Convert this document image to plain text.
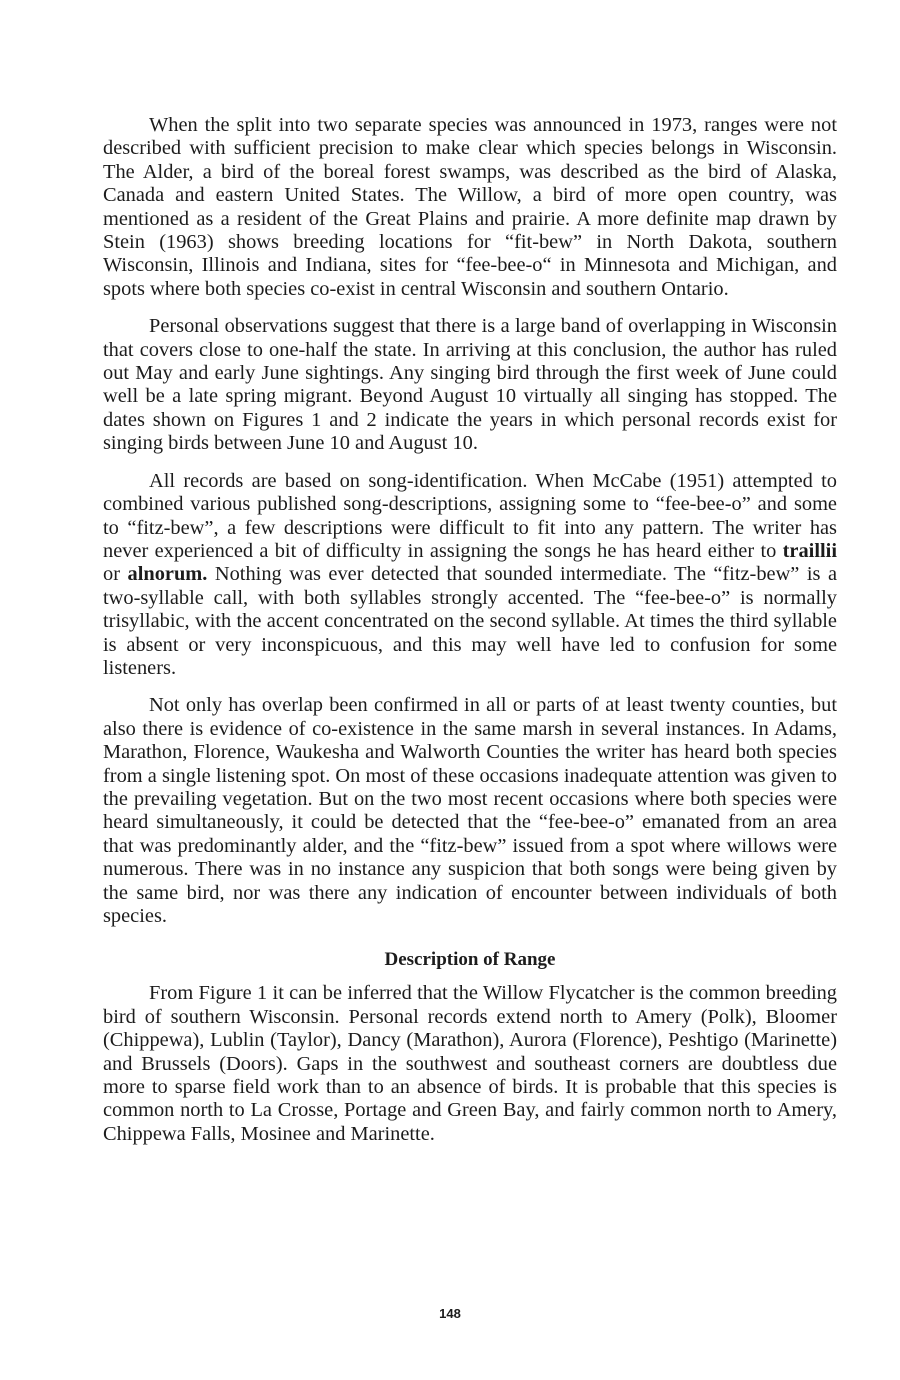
When the split into two separate species was announced in 1973, ranges were not described with sufficient precision to make clear which species belongs in Wisconsin. The Alder, a bird of the boreal forest swamps, was described as the bird of Alaska, Canada and eastern United States. The Willow, a bird of more open country, was mentioned as a resident of the Great Plains and prairie. A more definite map drawn by Stein (1963) shows breeding locations for “fit-bew” in North Dakota, southern Wisconsin, Illinois and Indiana, sites for “fee-bee-o“ in Minnesota and Michigan, and spots where both species co-exist in central Wisconsin and southern Ontario.

Personal observations suggest that there is a large band of overlapping in Wisconsin that covers close to one-half the state. In arriving at this conclusion, the author has ruled out May and early June sightings. Any singing bird through the first week of June could well be a late spring migrant. Beyond August 10 virtually all singing has stopped. The dates shown on Figures 1 and 2 indicate the years in which personal records exist for singing birds between June 10 and August 10.

All records are based on song-identification. When McCabe (1951) attempted to combined various published song-descriptions, assigning some to “fee-bee-o” and some to “fitz-bew”, a few descriptions were difficult to fit into any pattern. The writer has never experienced a bit of difficulty in assigning the songs he has heard either to traillii or alnorum. Nothing was ever detected that sounded intermediate. The “fitz-bew” is a two-syllable call, with both syllables strongly accented. The “fee-bee-o” is normally trisyllabic, with the accent concentrated on the second syllable. At times the third syllable is absent or very inconspicuous, and this may well have led to confusion for some listeners.

Not only has overlap been confirmed in all or parts of at least twenty counties, but also there is evidence of co-existence in the same marsh in several instances. In Adams, Marathon, Florence, Waukesha and Walworth Counties the writer has heard both species from a single listening spot. On most of these occasions inadequate attention was given to the prevailing vegetation. But on the two most recent occasions where both species were heard simultaneously, it could be detected that the “fee-bee-o” emanated from an area that was predominantly alder, and the “fitz-bew” issued from a spot where willows were numerous. There was in no instance any suspicion that both songs were being given by the same bird, nor was there any indication of encounter between individuals of both species.

Description of Range

From Figure 1 it can be inferred that the Willow Flycatcher is the common breeding bird of southern Wisconsin. Personal records extend north to Amery (Polk), Bloomer (Chippewa), Lublin (Taylor), Dancy (Marathon), Aurora (Florence), Peshtigo (Marinette) and Brussels (Doors). Gaps in the southwest and southeast corners are doubtless due more to sparse field work than to an absence of birds. It is probable that this species is common north to La Crosse, Portage and Green Bay, and fairly common north to Amery, Chippewa Falls, Mosinee and Marinette.

148
